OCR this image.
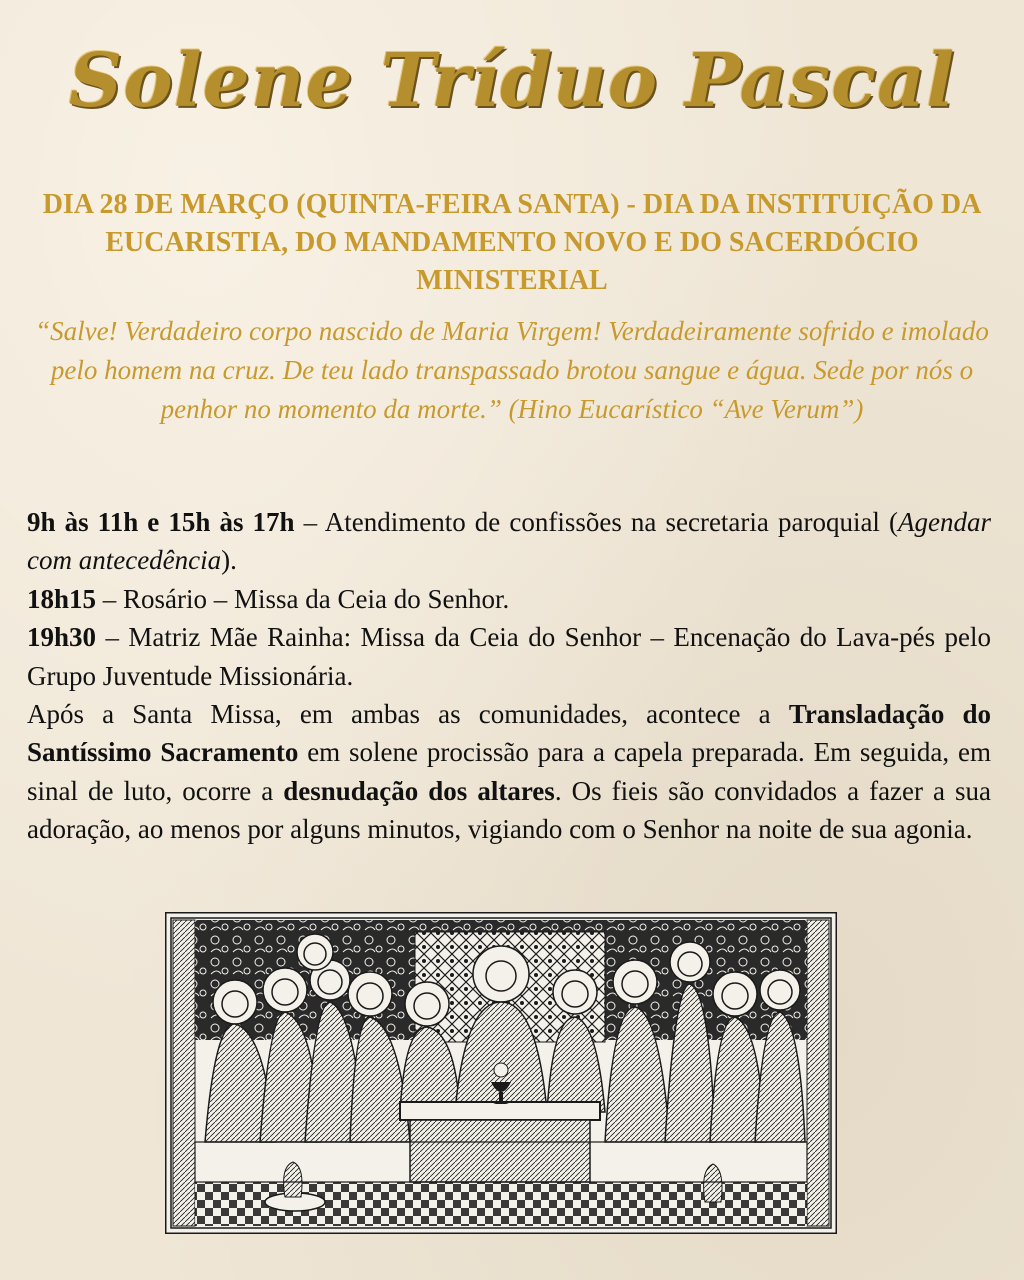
Solene Tríduo Pascal
DIA 28 DE MARÇO (QUINTA-FEIRA SANTA) - DIA DA INSTITUIÇÃO DA EUCARISTIA, DO MANDAMENTO NOVO E DO SACERDÓCIO MINISTERIAL
“Salve! Verdadeiro corpo nascido de Maria Virgem! Verdadeiramente sofrido e imolado pelo homem na cruz. De teu lado transpassado brotou sangue e água. Sede por nós o penhor no momento da morte.” (Hino Eucarístico “Ave Verum”)

9h às 11h e 15h às 17h – Atendimento de confissões na secretaria paroquial (Agendar com antecedência).

18h15 – Rosário – Missa da Ceia do Senhor.

19h30 – Matriz Mãe Rainha: Missa da Ceia do Senhor – Encenação do Lava-pés pelo Grupo Juventude Missionária.

Após a Santa Missa, em ambas as comunidades, acontece a Transladação do Santíssimo Sacramento em solene procissão para a capela preparada. Em seguida, em sinal de luto, ocorre a desnudação dos altares. Os fieis são convidados a fazer a sua adoração, ao menos por alguns minutos, vigiando com o Senhor na noite de sua agonia.
